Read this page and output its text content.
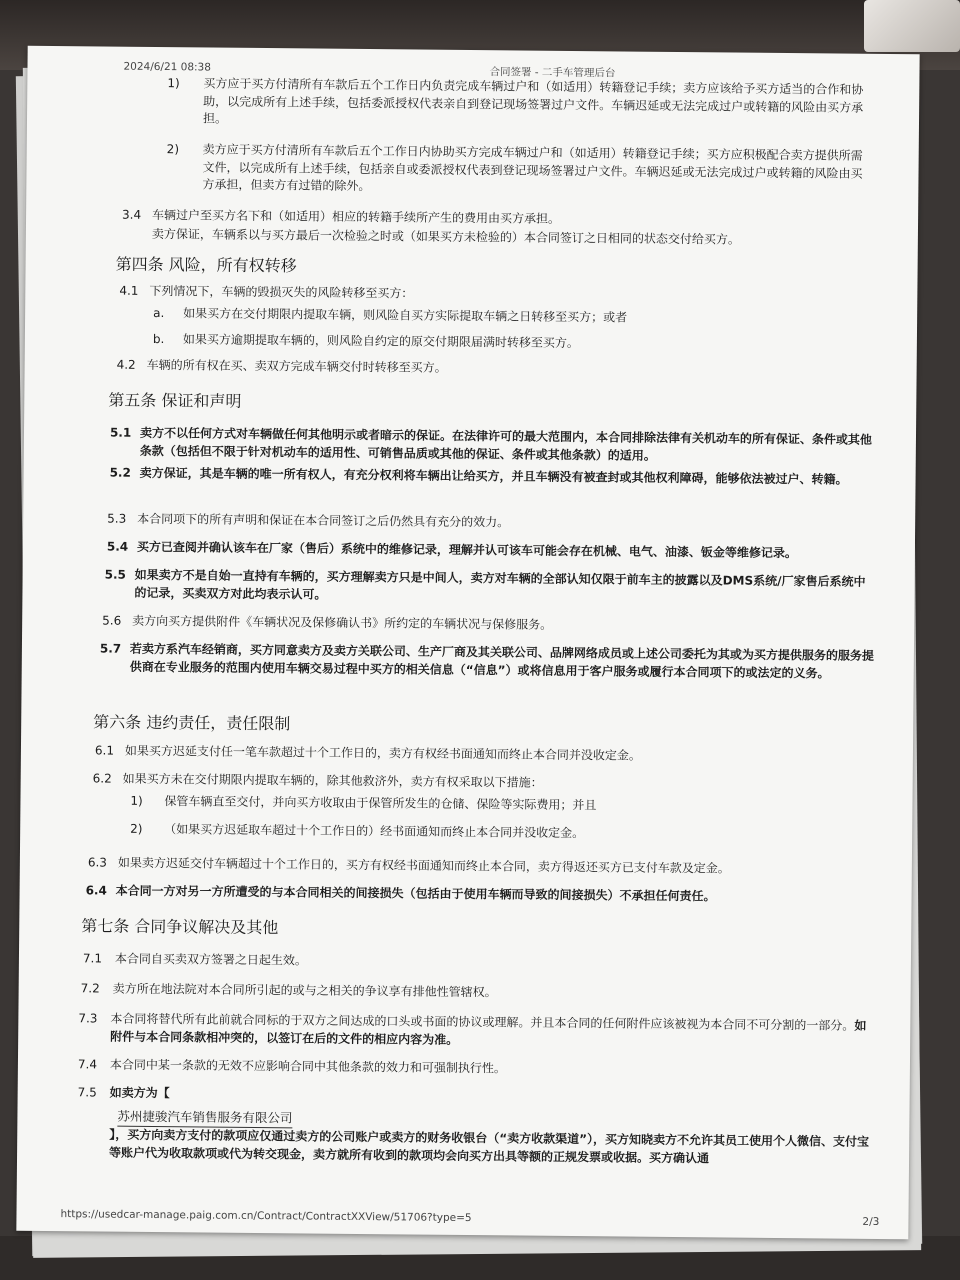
2024/6/21 08:38	合同签署 - 二手车管理后台
1)	买方应于买方付清所有车款后五个工作日内负责完成车辆过户和（如适用）转籍登记手续；卖方应该给予买方适当的合作和协助，以完成所有上述手续，包括委派授权代表亲自到登记现场签署过户文件。车辆迟延或无法完成过户或转籍的风险由买方承担。
2)	卖方应于买方付清所有车款后五个工作日内协助买方完成车辆过户和（如适用）转籍登记手续；买方应积极配合卖方提供所需文件，以完成所有上述手续，包括亲自或委派授权代表到登记现场签署过户文件。车辆迟延或无法完成过户或转籍的风险由买方承担，但卖方有过错的除外。
3.4 车辆过户至买方名下和（如适用）相应的转籍手续所产生的费用由买方承担。
卖方保证，车辆系以与买方最后一次检验之时或（如果买方未检验的）本合同签订之日相同的状态交付给买方。
第四条 风险，所有权转移
4.1 下列情况下，车辆的毁损灭失的风险转移至买方：
a.	如果买方在交付期限内提取车辆，则风险自买方实际提取车辆之日转移至买方；或者
b.	如果买方逾期提取车辆的，则风险自约定的原交付期限届满时转移至买方。
4.2 车辆的所有权在买、卖双方完成车辆交付时转移至买方。
第五条 保证和声明
5.1 卖方不以任何方式对车辆做任何其他明示或者暗示的保证。在法律许可的最大范围内，本合同排除法律有关机动车的所有保证、条件或其他条款（包括但不限于针对机动车的适用性、可销售品质或其他的保证、条件或其他条款）的适用。
5.2 卖方保证，其是车辆的唯一所有权人，有充分权利将车辆出让给买方，并且车辆没有被查封或其他权利障碍，能够依法被过户、转籍。
5.3 本合同项下的所有声明和保证在本合同签订之后仍然具有充分的效力。
5.4 买方已查阅并确认该车在厂家（售后）系统中的维修记录，理解并认可该车可能会存在机械、电气、油漆、钣金等维修记录。
5.5 如果卖方不是自始一直持有车辆的，买方理解卖方只是中间人，卖方对车辆的全部认知仅限于前车主的披露以及DMS系统/厂家售后系统中的记录，买卖双方对此均表示认可。
5.6 卖方向买方提供附件《车辆状况及保修确认书》所约定的车辆状况与保修服务。
5.7 若卖方系汽车经销商，买方同意卖方及卖方关联公司、生产厂商及其关联公司、品牌网络成员或上述公司委托为其或为买方提供服务的服务提供商在专业服务的范围内使用车辆交易过程中买方的相关信息（“信息”）或将信息用于客户服务或履行本合同项下的或法定的义务。
第六条 违约责任，责任限制
6.1 如果买方迟延支付任一笔车款超过十个工作日的，卖方有权经书面通知而终止本合同并没收定金。
6.2 如果买方未在交付期限内提取车辆的，除其他救济外，卖方有权采取以下措施：
1)	保管车辆直至交付，并向买方收取由于保管所发生的仓储、保险等实际费用；并且
2)	（如果买方迟延取车超过十个工作日的）经书面通知而终止本合同并没收定金。
6.3 如果卖方迟延交付车辆超过十个工作日的，买方有权经书面通知而终止本合同，卖方得返还买方已支付车款及定金。
6.4 本合同一方对另一方所遭受的与本合同相关的间接损失（包括由于使用车辆而导致的间接损失）不承担任何责任。
第七条 合同争议解决及其他
7.1	本合同自买卖双方签署之日起生效。
7.2	卖方所在地法院对本合同所引起的或与之相关的争议享有排他性管辖权。
7.3	本合同将替代所有此前就合同标的于双方之间达成的口头或书面的协议或理解。并且本合同的任何附件应该被视为本合同不可分割的一部分。如附件与本合同条款相冲突的，以签订在后的文件的相应内容为准。
7.4	本合同中某一条款的无效不应影响合同中其他条款的效力和可强制执行性。
7.5	如卖方为【
苏州捷骏汽车销售服务有限公司
】，买方向卖方支付的款项应仅通过卖方的公司账户或卖方的财务收银台（“卖方收款渠道”），买方知晓卖方不允许其员工使用个人微信、支付宝等账户代为收取款项或代为转交现金，卖方就所有收到的款项均会向买方出具等额的正规发票或收据。买方确认通
https://usedcar-manage.paig.com.cn/Contract/ContractXXView/51706?type=5	2/3
